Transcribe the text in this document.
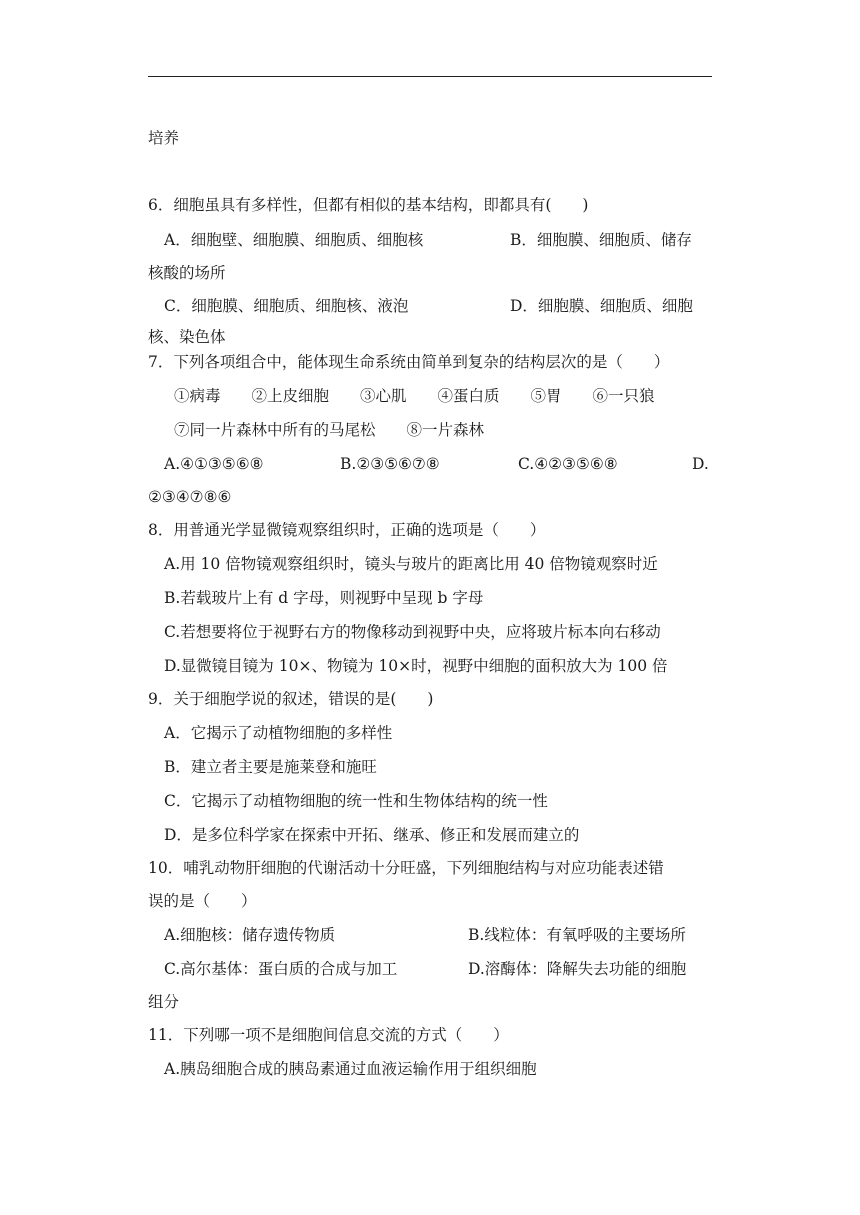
培养
6．细胞虽具有多样性，但都有相似的基本结构，即都具有(　　)
A．细胞壁、细胞膜、细胞质、细胞核	B．细胞膜、细胞质、储存
核酸的场所
C．细胞膜、细胞质、细胞核、液泡	D．细胞膜、细胞质、细胞
核、染色体
7．下列各项组合中，能体现生命系统由简单到复杂的结构层次的是（　　）
①病毒　　②上皮细胞　　③心肌　　④蛋白质　　⑤胃　　⑥一只狼
⑦同一片森林中所有的马尾松　　⑧一片森林
A.④①③⑤⑥⑧	B.②③⑤⑥⑦⑧	C.④②③⑤⑥⑧	D.
②③④⑦⑧⑥
8．用普通光学显微镜观察组织时，正确的选项是（　　）
A.用 10 倍物镜观察组织时，镜头与玻片的距离比用 40 倍物镜观察时近
B.若载玻片上有 d 字母，则视野中呈现 b 字母
C.若想要将位于视野右方的物像移动到视野中央，应将玻片标本向右移动
D.显微镜目镜为 10×、物镜为 10×时，视野中细胞的面积放大为 100 倍
9．关于细胞学说的叙述，错误的是(　　)
A．它揭示了动植物细胞的多样性
B．建立者主要是施莱登和施旺
C．它揭示了动植物细胞的统一性和生物体结构的统一性
D．是多位科学家在探索中开拓、继承、修正和发展而建立的
10．哺乳动物肝细胞的代谢活动十分旺盛，下列细胞结构与对应功能表述错
误的是（　　）
A.细胞核：储存遗传物质	B.线粒体：有氧呼吸的主要场所
C.高尔基体：蛋白质的合成与加工	D.溶酶体：降解失去功能的细胞
组分
11．下列哪一项不是细胞间信息交流的方式（　　）
A.胰岛细胞合成的胰岛素通过血液运输作用于组织细胞
